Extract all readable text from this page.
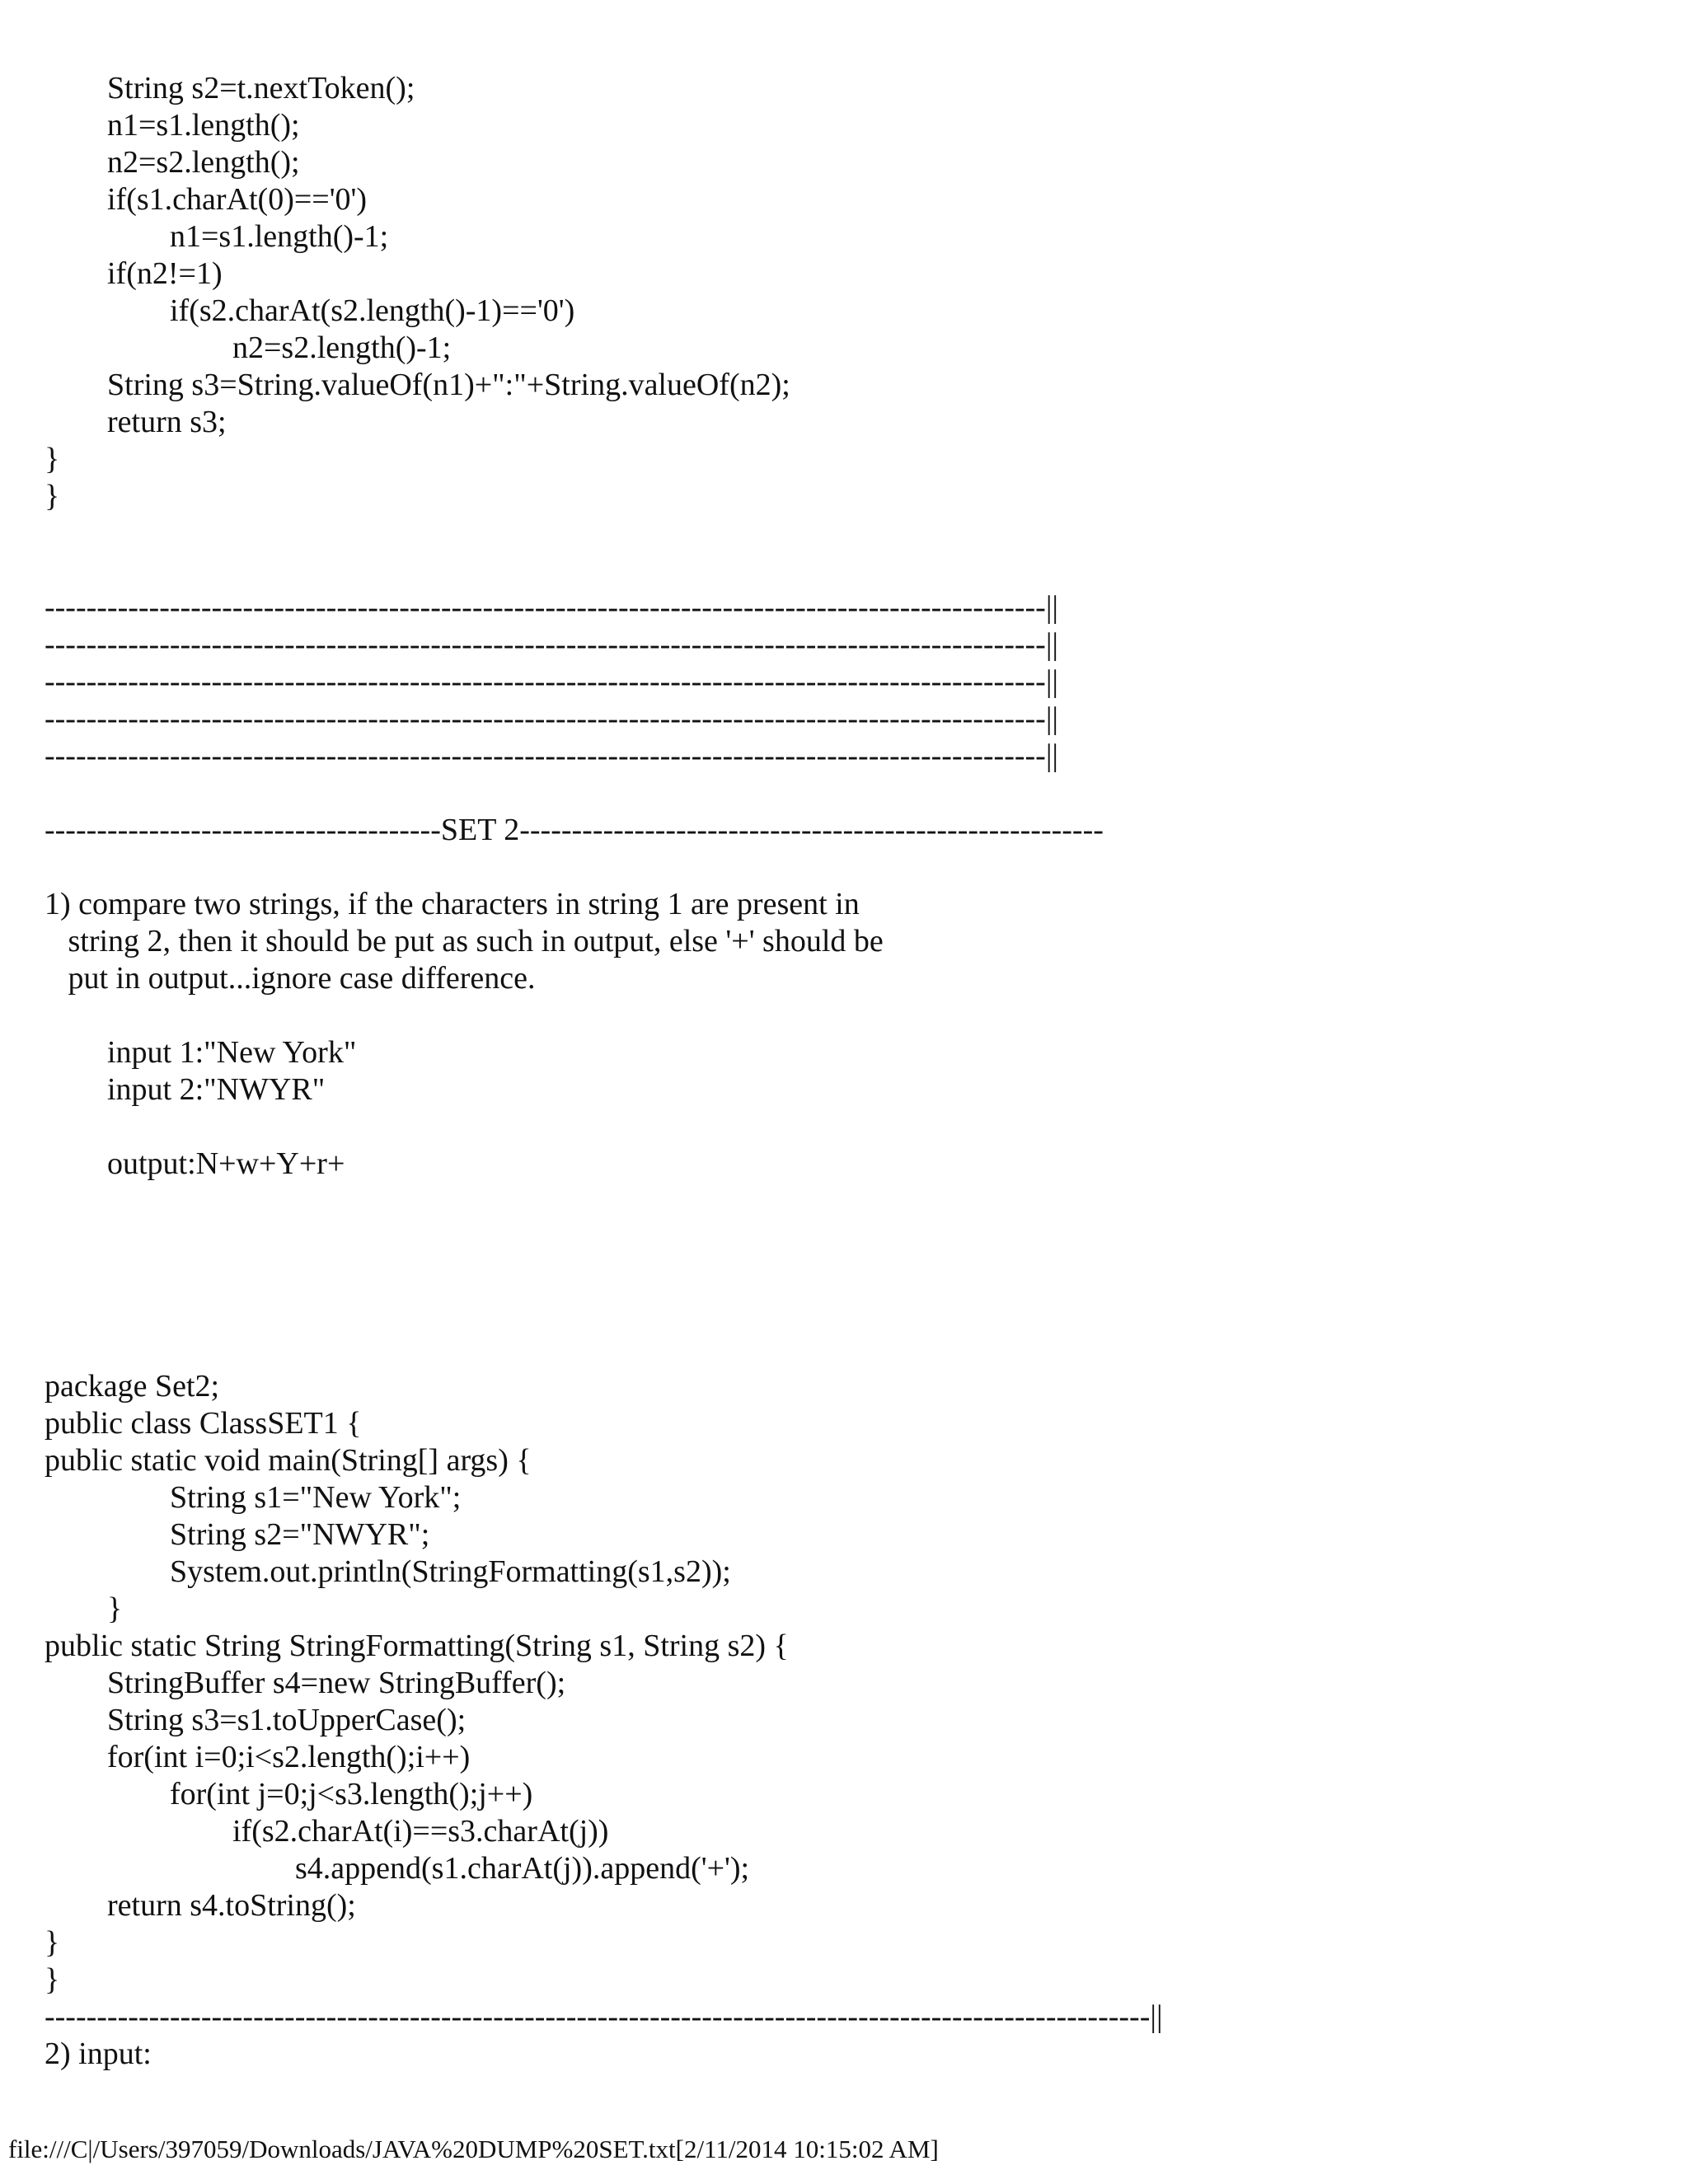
String s2=t.nextToken();
n1=s1.length();
n2=s2.length();
if(s1.charAt(0)=='0')
n1=s1.length()-1;
if(n2!=1)
if(s2.charAt(s2.length()-1)=='0')
n2=s2.length()-1;
String s3=String.valueOf(n1)+":"+String.valueOf(n2);
return s3;
}
}
------------------------------------------------------------------------------------------------||
------------------------------------------------------------------------------------------------||
------------------------------------------------------------------------------------------------||
------------------------------------------------------------------------------------------------||
------------------------------------------------------------------------------------------------||
--------------------------------------SET 2--------------------------------------------------------
1) compare two strings, if the characters in string 1 are present in
string 2, then it should be put as such in output, else '+' should be
put in output...ignore case difference.
input 1:"New York"
input 2:"NWYR"
output:N+w+Y+r+
package Set2;
public class ClassSET1 {
public static void main(String[] args) {
String s1="New York";
String s2="NWYR";
System.out.println(StringFormatting(s1,s2));
}
public static String StringFormatting(String s1, String s2) {
StringBuffer s4=new StringBuffer();
String s3=s1.toUpperCase();
for(int i=0;i<s2.length();i++)
for(int j=0;j<s3.length();j++)
if(s2.charAt(i)==s3.charAt(j))
s4.append(s1.charAt(j)).append('+');
return s4.toString();
}
}
----------------------------------------------------------------------------------------------------------||
2) input:
file:///C|/Users/397059/Downloads/JAVA%20DUMP%20SET.txt[2/11/2014 10:15:02 AM]
